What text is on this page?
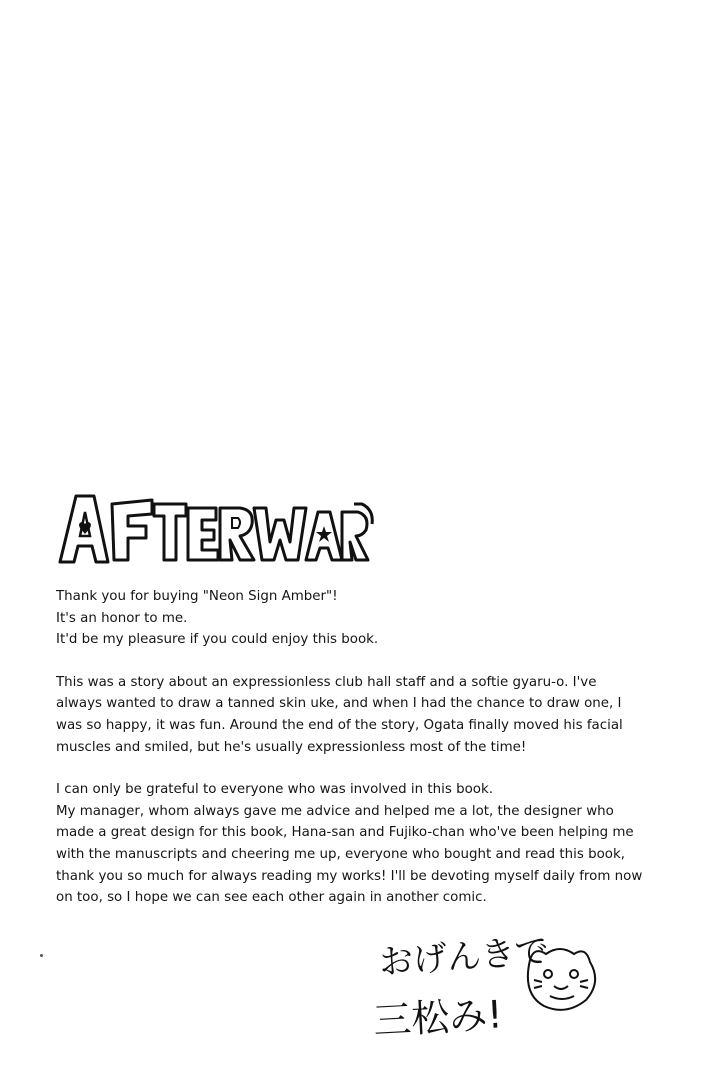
Thank you for buying "Neon Sign Amber"!
It's an honor to me.
It'd be my pleasure if you could enjoy this book.

This was a story about an expressionless club hall staff and a softie gyaru-o. I've
always wanted to draw a tanned skin uke, and when I had the chance to draw one, I
was so happy, it was fun. Around the end of the story, Ogata finally moved his facial
muscles and smiled, but he's usually expressionless most of the time!

I can only be grateful to everyone who was involved in this book.
My manager, whom always gave me advice and helped me a lot, the designer who
made a great design for this book, Hana-san and Fujiko-chan who've been helping me
with the manuscripts and cheering me up, everyone who bought and read this book,
thank you so much for always reading my works! I'll be devoting myself daily from now
on too, so I hope we can see each other again in another comic.

おげんきで
三松み!
